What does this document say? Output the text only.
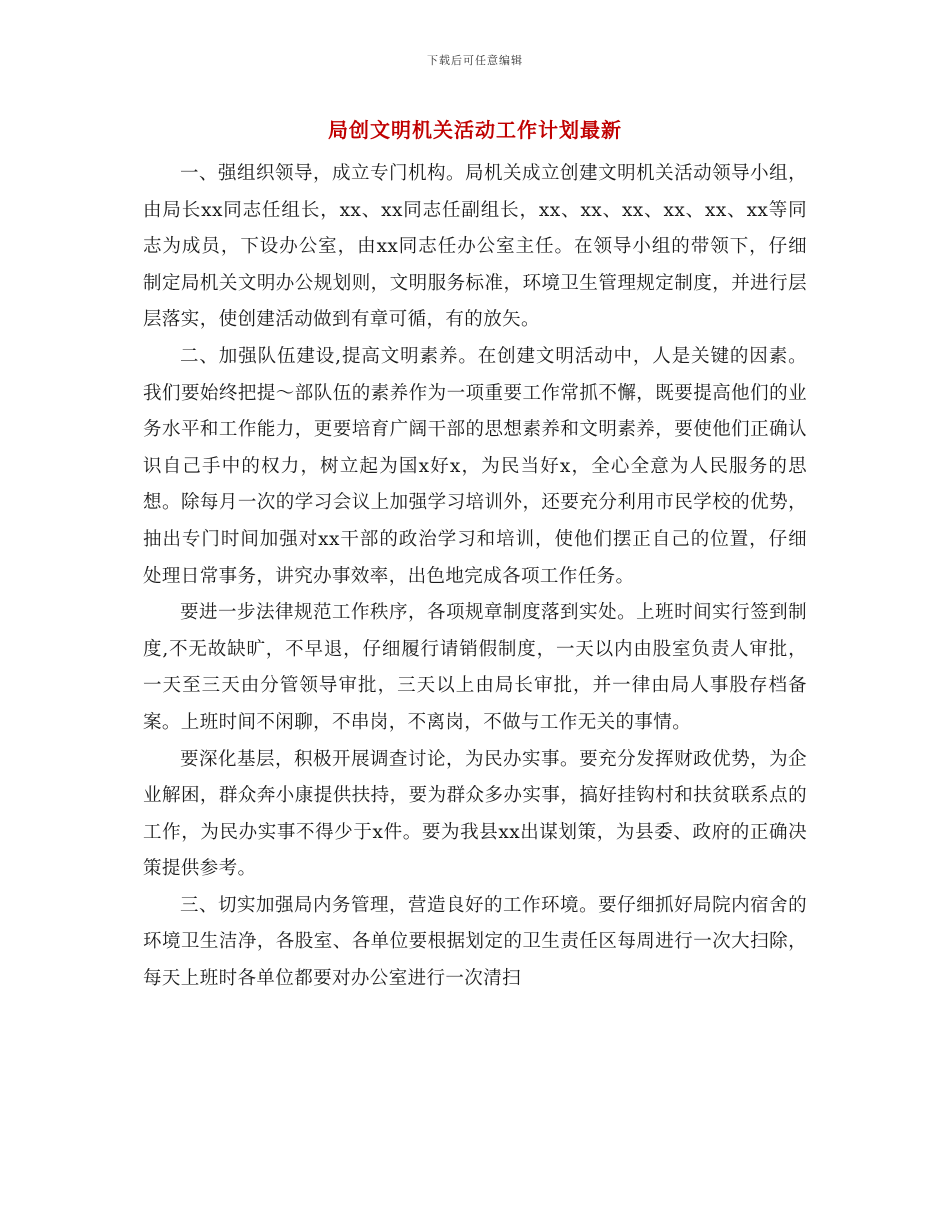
下载后可任意编辑
局创文明机关活动工作计划最新

一、强组织领导，成立专门机构。局机关成立创建文明机关活动领导小组，由局长xx同志任组长，xx、xx同志任副组长，xx、xx、xx、xx、xx、xx等同志为成员，下设办公室，由xx同志任办公室主任。在领导小组的带领下，仔细制定局机关文明办公规划则，文明服务标准，环境卫生管理规定制度，并进行层层落实，使创建活动做到有章可循，有的放矢。

二、加强队伍建设,提高文明素养。在创建文明活动中，人是关键的因素。我们要始终把提～部队伍的素养作为一项重要工作常抓不懈，既要提高他们的业务水平和工作能力，更要培育广阔干部的思想素养和文明素养，要使他们正确认识自己手中的权力，树立起为国x好x，为民当好x，全心全意为人民服务的思想。除每月一次的学习会议上加强学习培训外，还要充分利用市民学校的优势，抽出专门时间加强对xx干部的政治学习和培训，使他们摆正自己的位置，仔细处理日常事务，讲究办事效率，出色地完成各项工作任务。

要进一步法律规范工作秩序，各项规章制度落到实处。上班时间实行签到制度,不无故缺旷，不早退，仔细履行请销假制度，一天以内由股室负责人审批，一天至三天由分管领导审批，三天以上由局长审批，并一律由局人事股存档备案。上班时间不闲聊，不串岗，不离岗，不做与工作无关的事情。

要深化基层，积极开展调查讨论，为民办实事。要充分发挥财政优势，为企业解困，群众奔小康提供扶持，要为群众多办实事，搞好挂钩村和扶贫联系点的工作，为民办实事不得少于x件。要为我县xx出谋划策，为县委、政府的正确决策提供参考。

三、切实加强局内务管理，营造良好的工作环境。要仔细抓好局院内宿舍的环境卫生洁净，各股室、各单位要根据划定的卫生责任区每周进行一次大扫除，每天上班时各单位都要对办公室进行一次清扫
